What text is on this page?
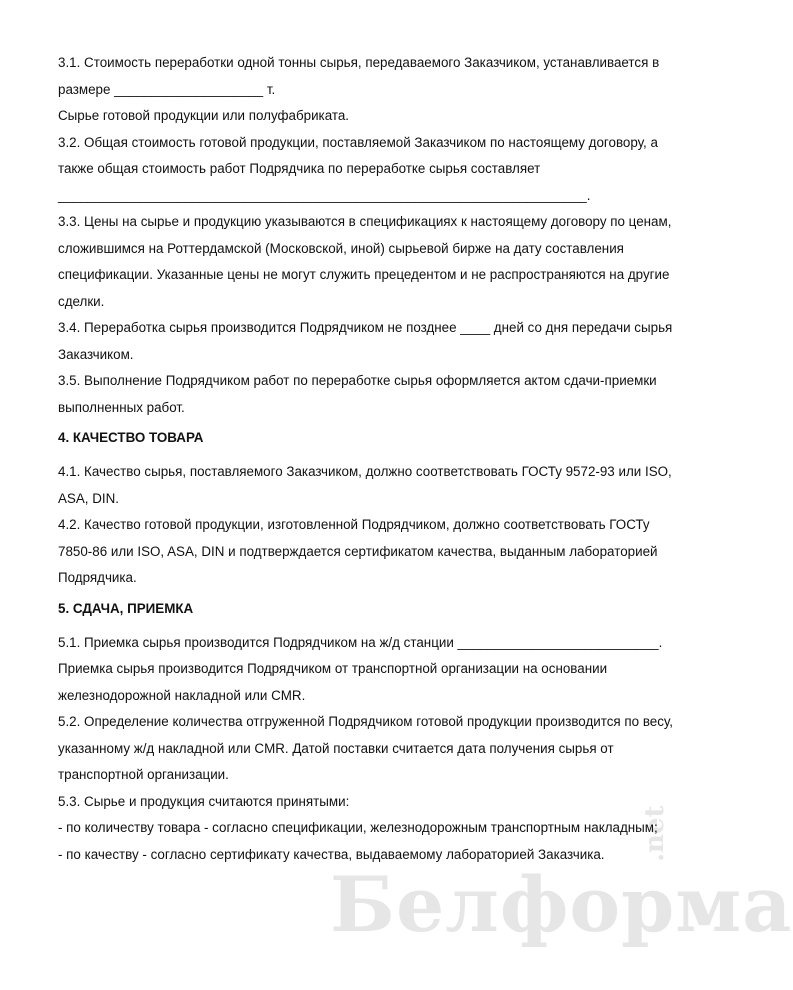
Белформа
.net
3.1. Стоимость переработки одной тонны сырья, передаваемого Заказчиком, устанавливается в
размере ____________________ т.
Сырье готовой продукции или полуфабриката.
3.2. Общая стоимость готовой продукции, поставляемой Заказчиком по настоящему договору, а
также общая стоимость работ Подрядчика по переработке сырья составляет
_______________________________________________________________________.
3.3. Цены на сырье и продукцию указываются в спецификациях к настоящему договору по ценам,
сложившимся на Роттердамской (Московской, иной) сырьевой бирже на дату составления
спецификации. Указанные цены не могут служить прецедентом и не распространяются на другие
сделки.
3.4. Переработка сырья производится Подрядчиком не позднее ____ дней со дня передачи сырья
Заказчиком.
3.5. Выполнение Подрядчиком работ по переработке сырья оформляется актом сдачи-приемки
выполненных работ.
4. КАЧЕСТВО ТОВАРА
4.1. Качество сырья, поставляемого Заказчиком, должно соответствовать ГОСТу 9572-93 или ISO,
ASA, DIN.
4.2. Качество готовой продукции, изготовленной Подрядчиком, должно соответствовать ГОСТу
7850-86 или ISO, ASA, DIN и подтверждается сертификатом качества, выданным лабораторией
Подрядчика.
5. СДАЧА, ПРИЕМКА
5.1. Приемка сырья производится Подрядчиком на ж/д станции ___________________________.
Приемка сырья производится Подрядчиком от транспортной организации на основании
железнодорожной накладной или CMR.
5.2. Определение количества отгруженной Подрядчиком готовой продукции производится по весу,
указанному ж/д накладной или CMR. Датой поставки считается дата получения сырья от
транспортной организации.
5.3. Сырье и продукция считаются принятыми:
- по количеству товара - согласно спецификации, железнодорожным транспортным накладным;
- по качеству - согласно сертификату качества, выдаваемому лабораторией Заказчика.
